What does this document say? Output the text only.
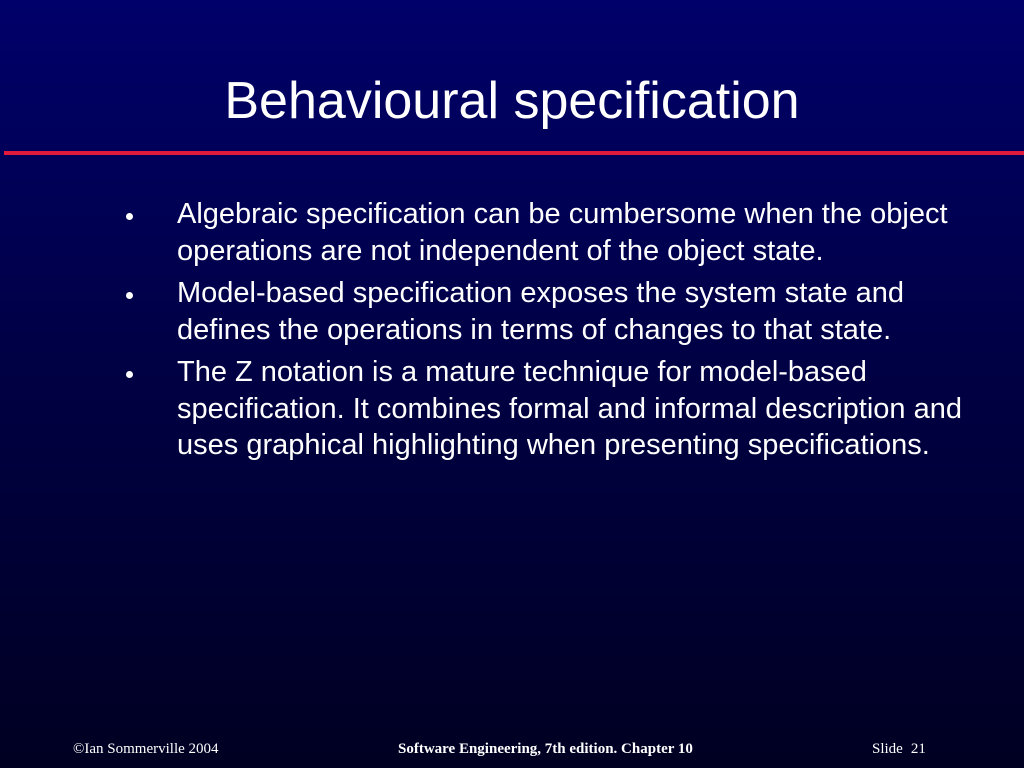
Behavioural specification
Algebraic specification can be cumbersome when the object operations are not independent of the object state.
Model-based specification exposes the system state and defines the operations in terms of changes to that state.
The Z notation is a mature technique for model-based specification. It combines formal and informal description and uses graphical highlighting when presenting specifications.
©Ian Sommerville 2004	Software Engineering, 7th edition. Chapter 10	Slide 21
